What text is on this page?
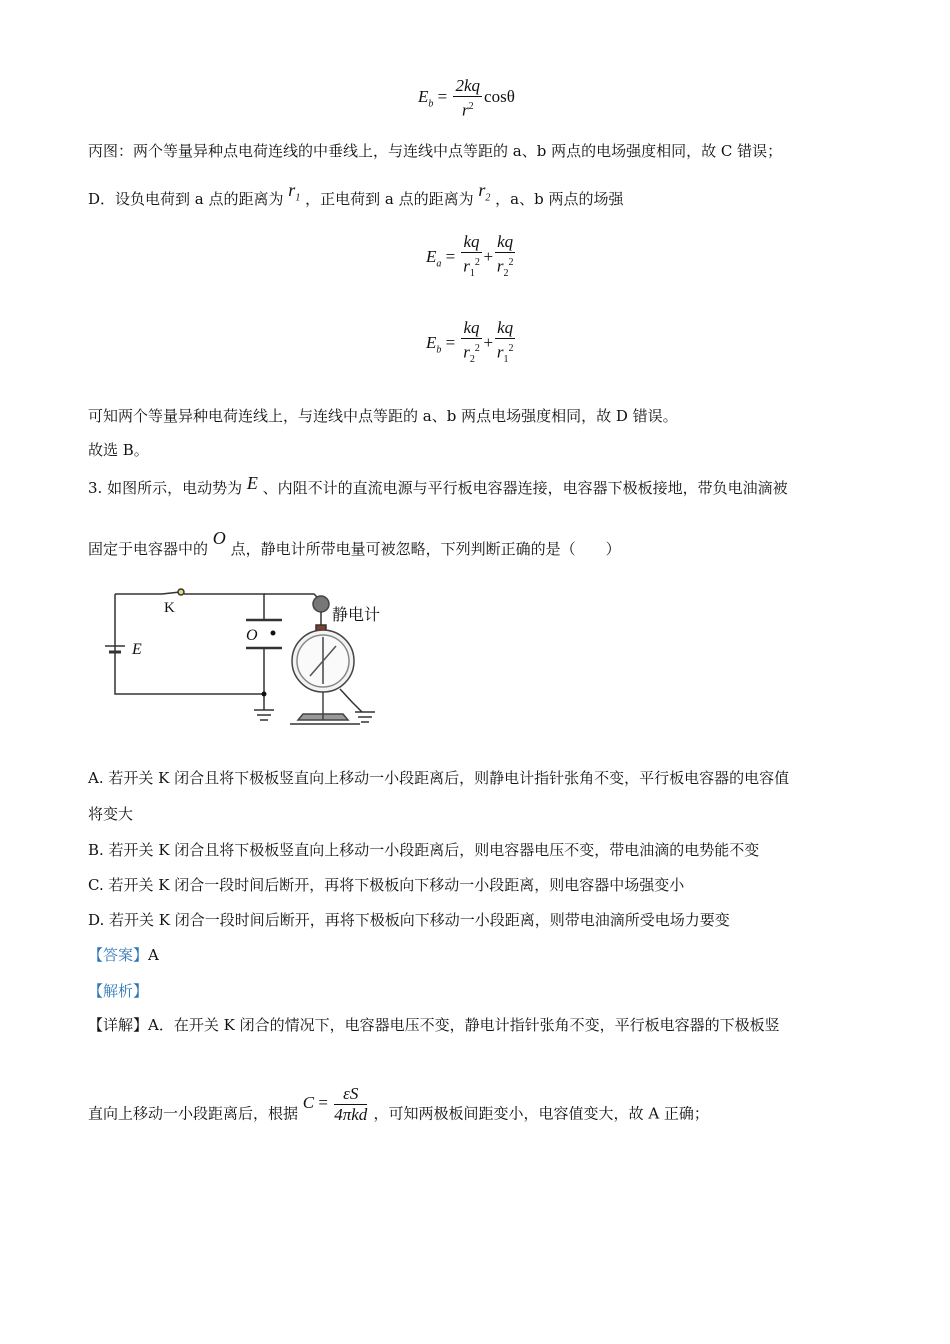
$E_b = \frac{2kq}{r^2}$ cosθ
丙图：两个等量异种点电荷连线的中垂线上，与连线中点等距的 a、b 两点的电场强度相同，故 C 错误；
D．设负电荷到 a 点的距离为 $r_1$ ，正电荷到 a 点的距离为 $r_2$ ，a、b 两点的场强
$E_a = \frac{kq}{r_1^2} + \frac{kq}{r_2^2}$
$E_b = \frac{kq}{r_2^2} + \frac{kq}{r_1^2}$
可知两个等量异种电荷连线上，与连线中点等距的 a、b 两点电场强度相同，故 D 错误。
故选 B。
3. 如图所示，电动势为 E 、内阻不计的直流电源与平行板电容器连接，电容器下极板接地，带负电油滴被
固定于电容器中的 O 点，静电计所带电量可被忽略，下列判断正确的是（　　）
K
E
O
静电计
A. 若开关 K 闭合且将下极板竖直向上移动一小段距离后，则静电计指针张角不变，平行板电容器的电容值
将变大
B. 若开关 K 闭合且将下极板竖直向上移动一小段距离后，则电容器电压不变，带电油滴的电势能不变
C. 若开关 K 闭合一段时间后断开，再将下极板向下移动一小段距离，则电容器中场强变小
D. 若开关 K 闭合一段时间后断开，再将下极板向下移动一小段距离，则带电油滴所受电场力要变
【答案】A
【解析】
【详解】A．在开关 K 闭合的情况下，电容器电压不变，静电计指针张角不变，平行板电容器的下极板竖
直向上移动一小段距离后，根据 $C = \frac{\varepsilon S}{\text{4πkd}}$ ，可知两极板间距变小，电容值变大，故 A 正确；
